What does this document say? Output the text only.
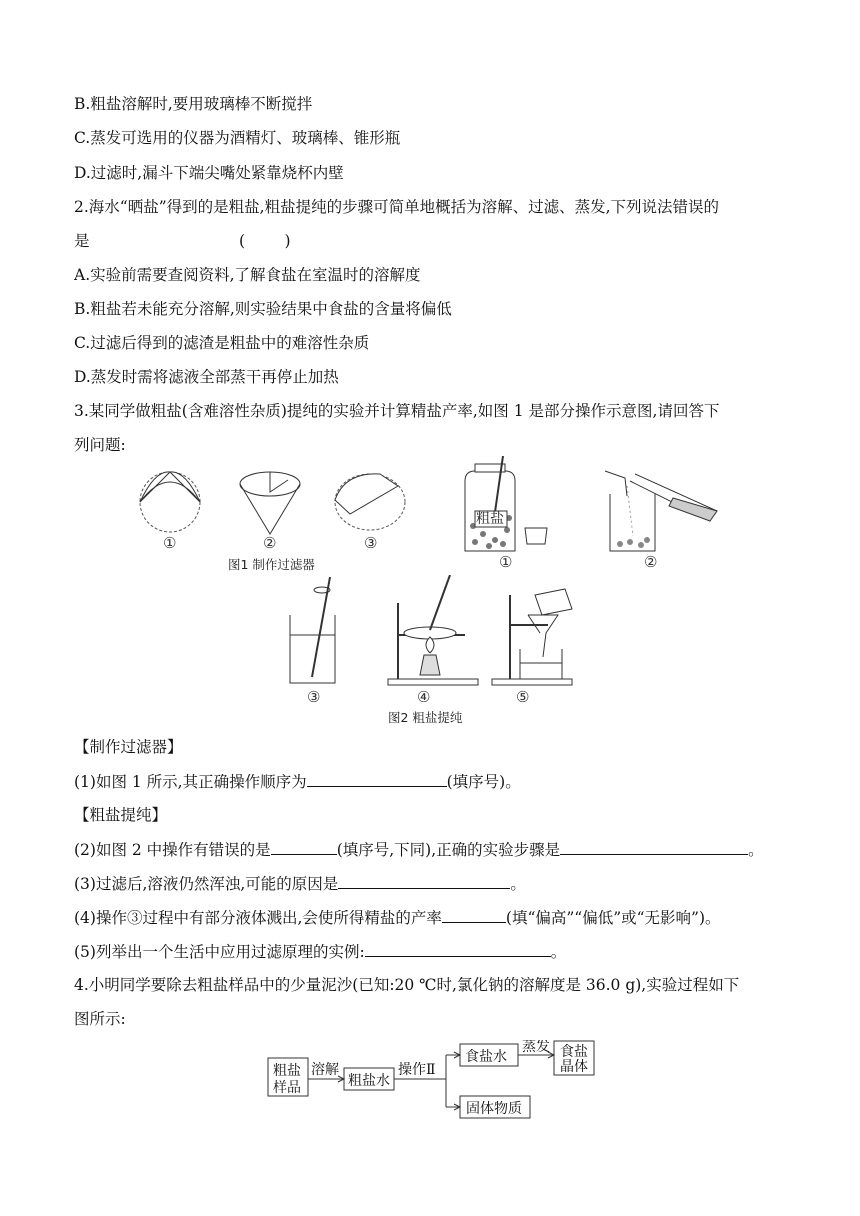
B.粗盐溶解时,要用玻璃棒不断搅拌
C.蒸发可选用的仪器为酒精灯、玻璃棒、锥形瓶
D.过滤时,漏斗下端尖嘴处紧靠烧杯内壁
2.海水“晒盐”得到的是粗盐,粗盐提纯的步骤可简单地概括为溶解、过滤、蒸发,下列说法错误的
是	(        )
A.实验前需要查阅资料,了解食盐在室温时的溶解度
B.粗盐若未能充分溶解,则实验结果中食盐的含量将偏低
C.过滤后得到的滤渣是粗盐中的难溶性杂质
D.蒸发时需将滤液全部蒸干再停止加热
3.某同学做粗盐(含难溶性杂质)提纯的实验并计算精盐产率,如图 1 是部分操作示意图,请回答下
列问题:
①	②	③
图1 制作过滤器
粗盐
①	②
③	④	⑤
图2 粗盐提纯
【制作过滤器】
(1)如图 1 所示,其正确操作顺序为	(填序号)。
【粗盐提纯】
(2)如图 2 中操作有错误的是	(填序号,下同),正确的实验步骤是	。
(3)过滤后,溶液仍然浑浊,可能的原因是	。
(4)操作③过程中有部分液体溅出,会使所得精盐的产率	(填“偏高”“偏低”或“无影响”)。
(5)列举出一个生活中应用过滤原理的实例:	。
4.小明同学要除去粗盐样品中的少量泥沙(已知:20 ℃时,氯化钠的溶解度是 36.0 g),实验过程如下
图所示:
粗盐
样品
溶解
粗盐水
操作Ⅱ
食盐水
蒸发 食盐
晶体
固体物质
